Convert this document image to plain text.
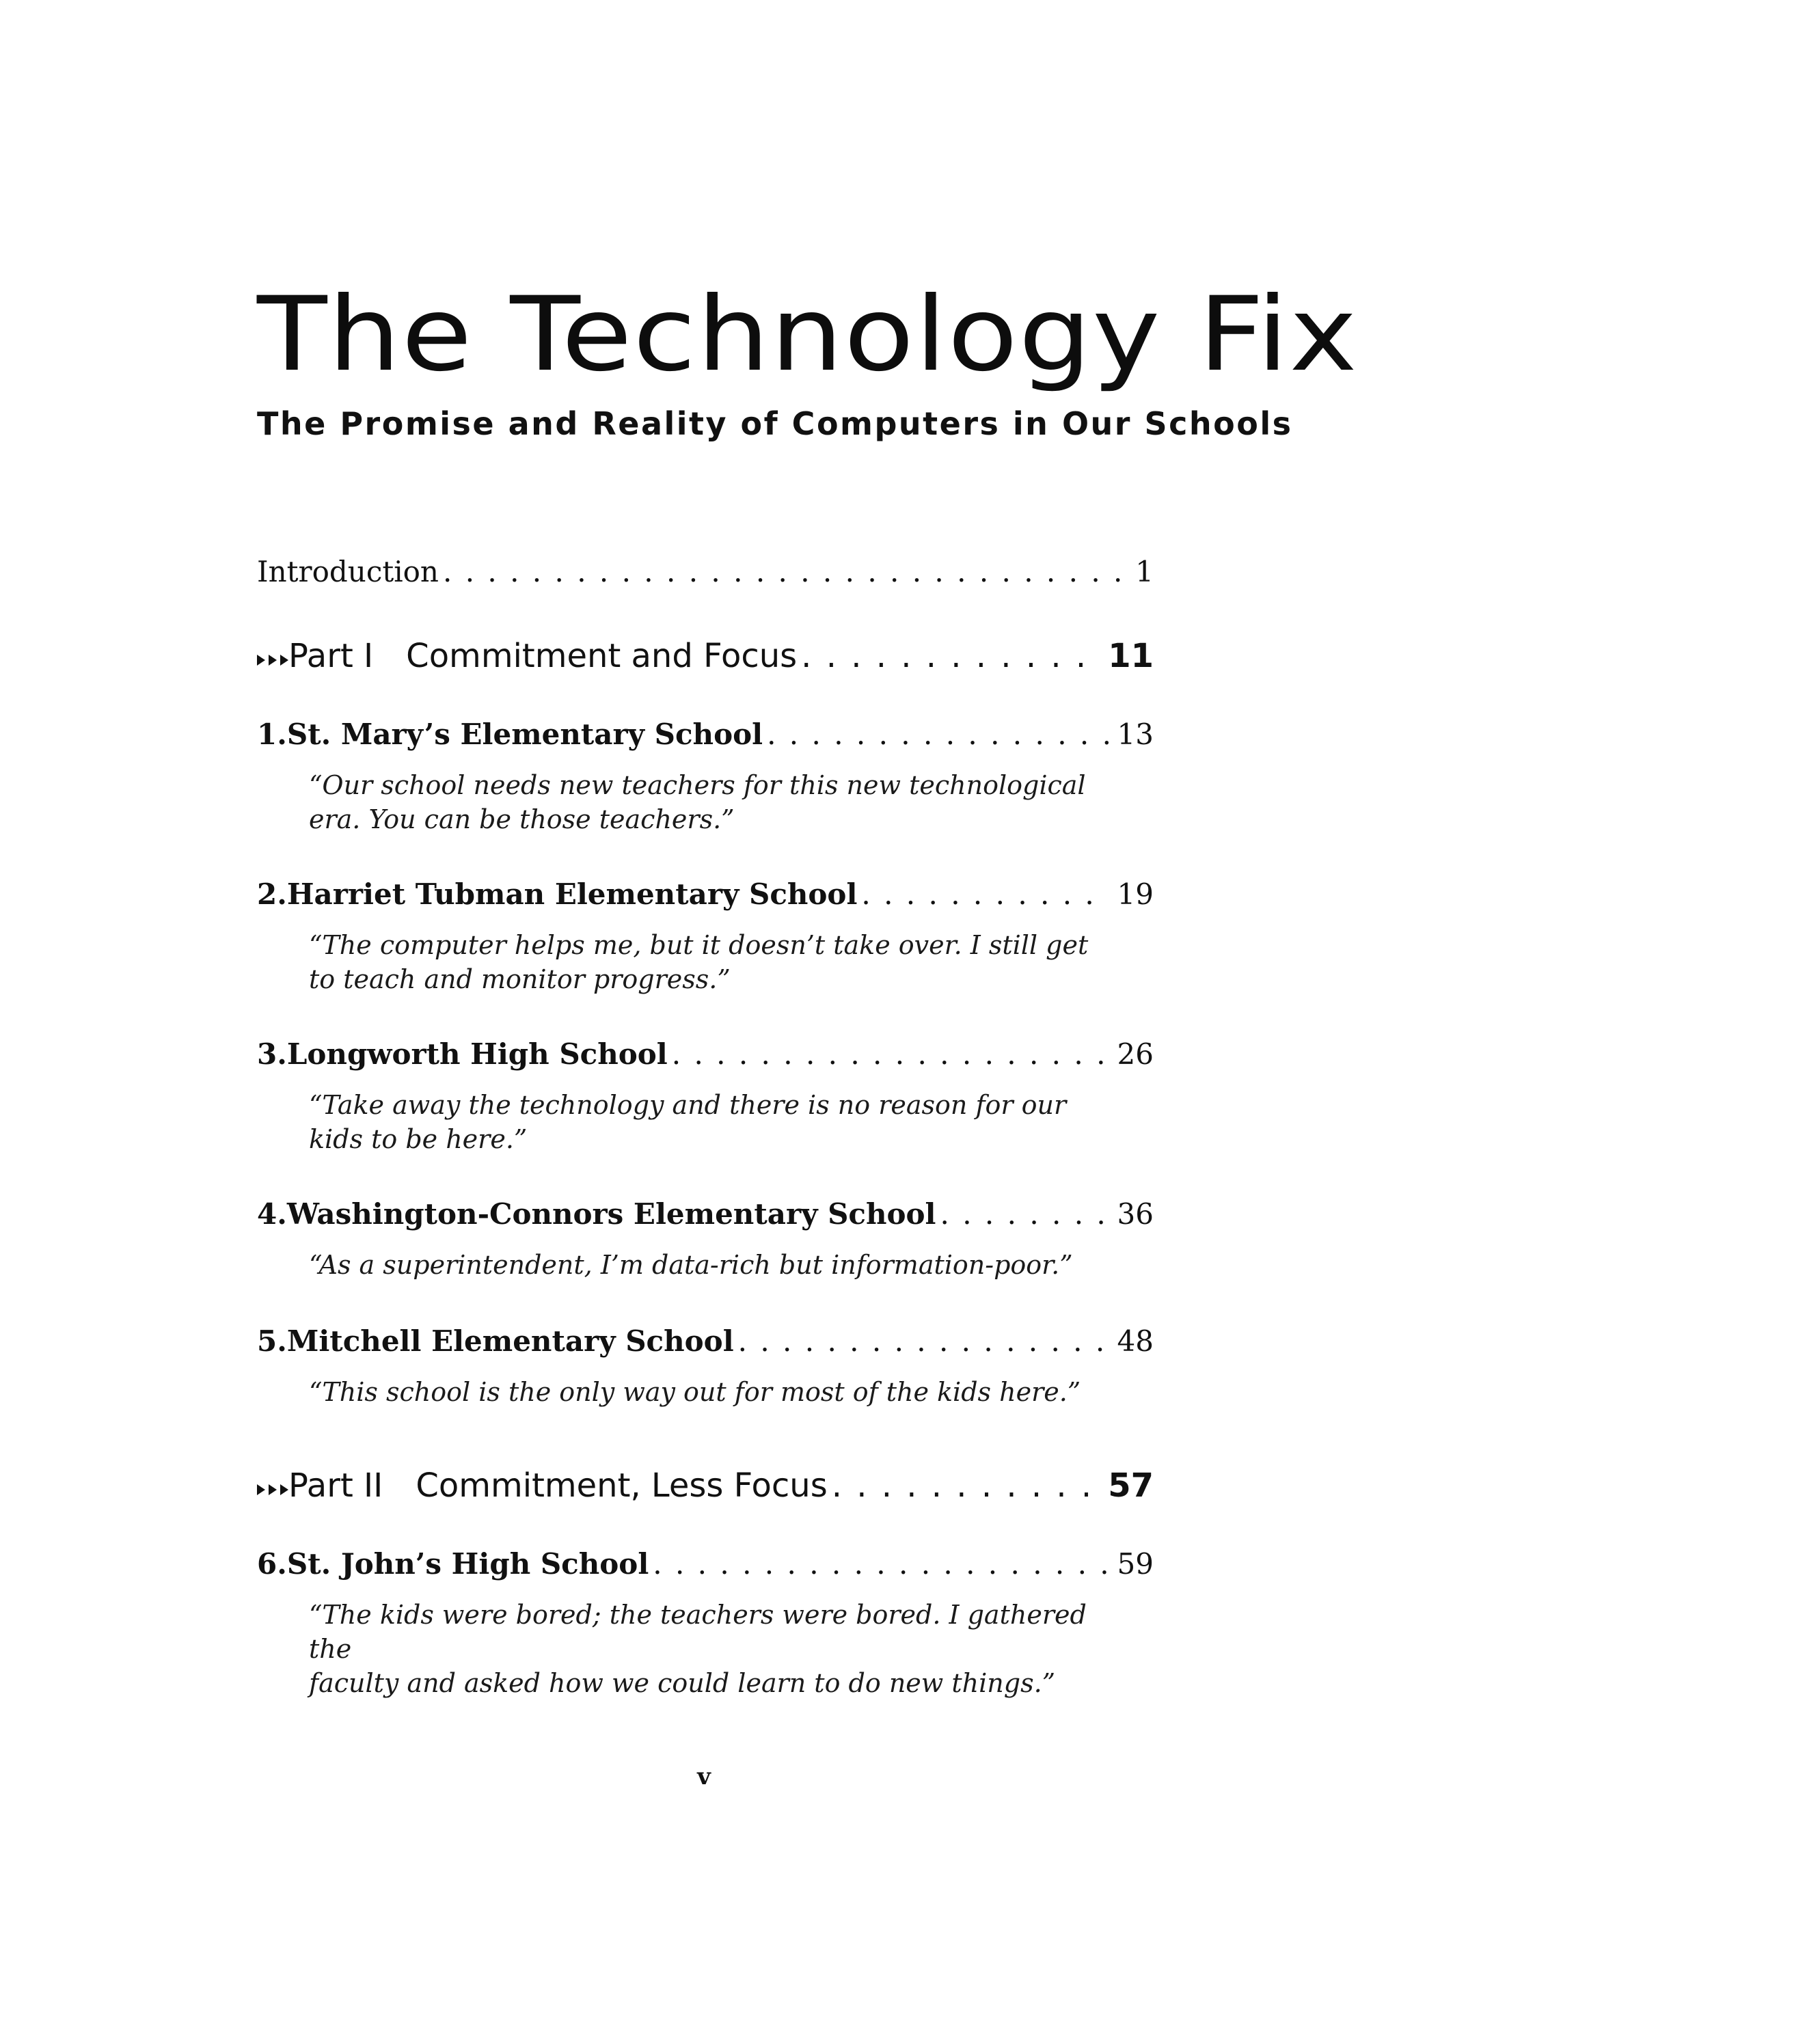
The Technology Fix
The Promise and Reality of Computers in Our Schools
Introduction . . .	1
Part I Commitment and Focus . . .	11
1. St. Mary’s Elementary School . . .	13

“Our school needs new teachers for this new technological
era. You can be those teachers.”

2. Harriet Tubman Elementary School . . .	19

“The computer helps me, but it doesn’t take over. I still get
to teach and monitor progress.”

3. Longworth High School . . .	26

“Take away the technology and there is no reason for our
kids to be here.”

4. Washington-Connors Elementary School . . .	36

“As a superintendent, I’m data-rich but information-poor.”

5. Mitchell Elementary School . . .	48

“This school is the only way out for most of the kids here.”

Part II Commitment, Less Focus . . .	57
6. St. John’s High School . . .	59

“The kids were bored; the teachers were bored. I gathered the
faculty and asked how we could learn to do new things.”

v
